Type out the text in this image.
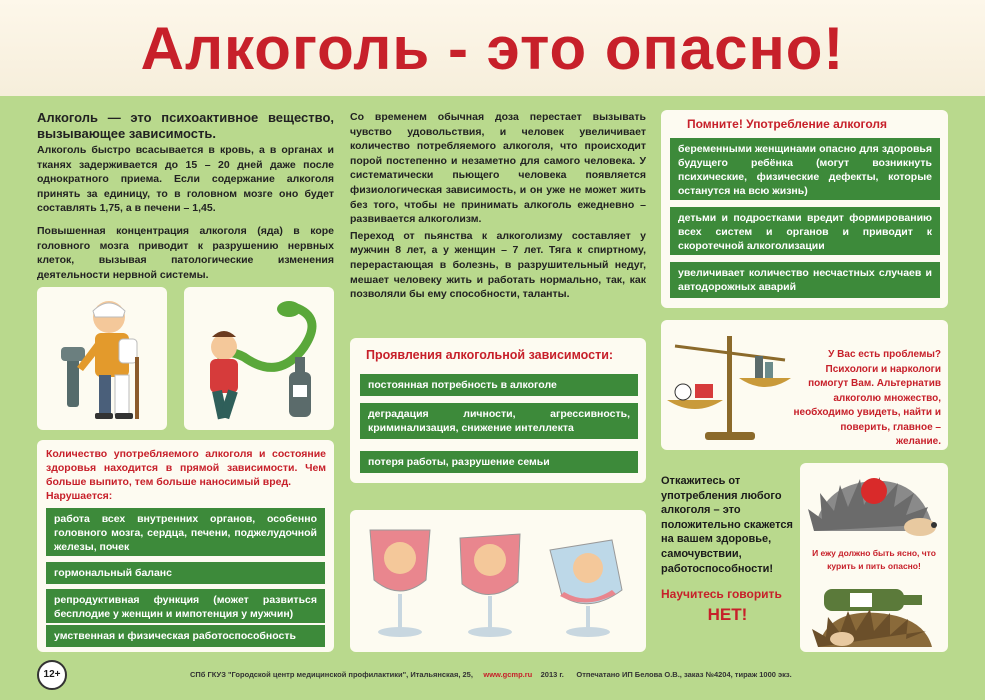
Алкоголь - это опасно!

Алкоголь — это психоактивное вещество, вызывающее зависимость.
Алкоголь быстро всасывается в кровь, а в органах и тканях задерживается до 15 – 20 дней даже после однократного приема. Если содержание алкоголя принять за единицу, то в головном мозге оно будет составлять 1,75, а в печени – 1,45.

Повышенная концентрация алкоголя (яда) в коре головного мозга приводит к разрушению нервных клеток, вызывая патологические изменения деятельности нервной системы.

Со временем обычная доза перестает вызывать чувство удовольствия, и человек увеличивает количество потребляемого алкоголя, что происходит порой постепенно и незаметно для самого человека. У систематически пьющего человека появляется физиологическая зависимость, и он уже не может жить без того, чтобы не принимать алкоголь ежедневно – развивается алкоголизм.

Переход от пьянства к алкоголизму составляет у мужчин 8 лет, а у женщин – 7 лет. Тяга к спиртному, перерастающая в болезнь, в разрушительный недуг, мешает человеку жить и работать нормально, так, как позволяли бы ему способности, таланты.

Помните! Употребление алкоголя
беременными женщинами опасно для здоровья будущего ребёнка (могут возникнуть психические, физические дефекты, которые останутся на всю жизнь)
детьми и подростками вредит формированию всех систем и органов и приводит к скоротечной алкоголизации
увеличивает количество несчастных случаев и автодорожных аварий
Проявления алкогольной зависимости:
постоянная потребность в алкоголе
деградация личности, агрессивность, криминализация, снижение интеллекта
потеря работы, разрушение семьи
Количество употребляемого алкоголя и состояние здоровья находится в прямой зависимости. Чем больше выпито, тем больше наносимый вред.
Нарушается:
работа всех внутренних органов, особенно головного мозга, сердца, печени, поджелудочной железы, почек
гормональный баланс
репродуктивная функция (может развиться бесплодие у женщин и импотенция у мужчин)
умственная и физическая работоспособность
У Вас есть проблемы? Психологи и наркологи помогут Вам. Альтернатив алкоголю множество, необходимо увидеть, найти и поверить, главное – желание.
Откажитесь от употребления любого алкоголя – это положительно скажется на вашем здоровье, самочувствии, работоспособности!
Научитесь говорить
НЕТ!
И ежу должно быть ясно, что курить и пить опасно!
12+	СПб ГКУЗ "Городской центр медицинской профилактики", Итальянская, 25, www.gcmp.ru 2013 г. Отпечатано ИП Белова О.В., заказ №4204, тираж 1000 экз.
